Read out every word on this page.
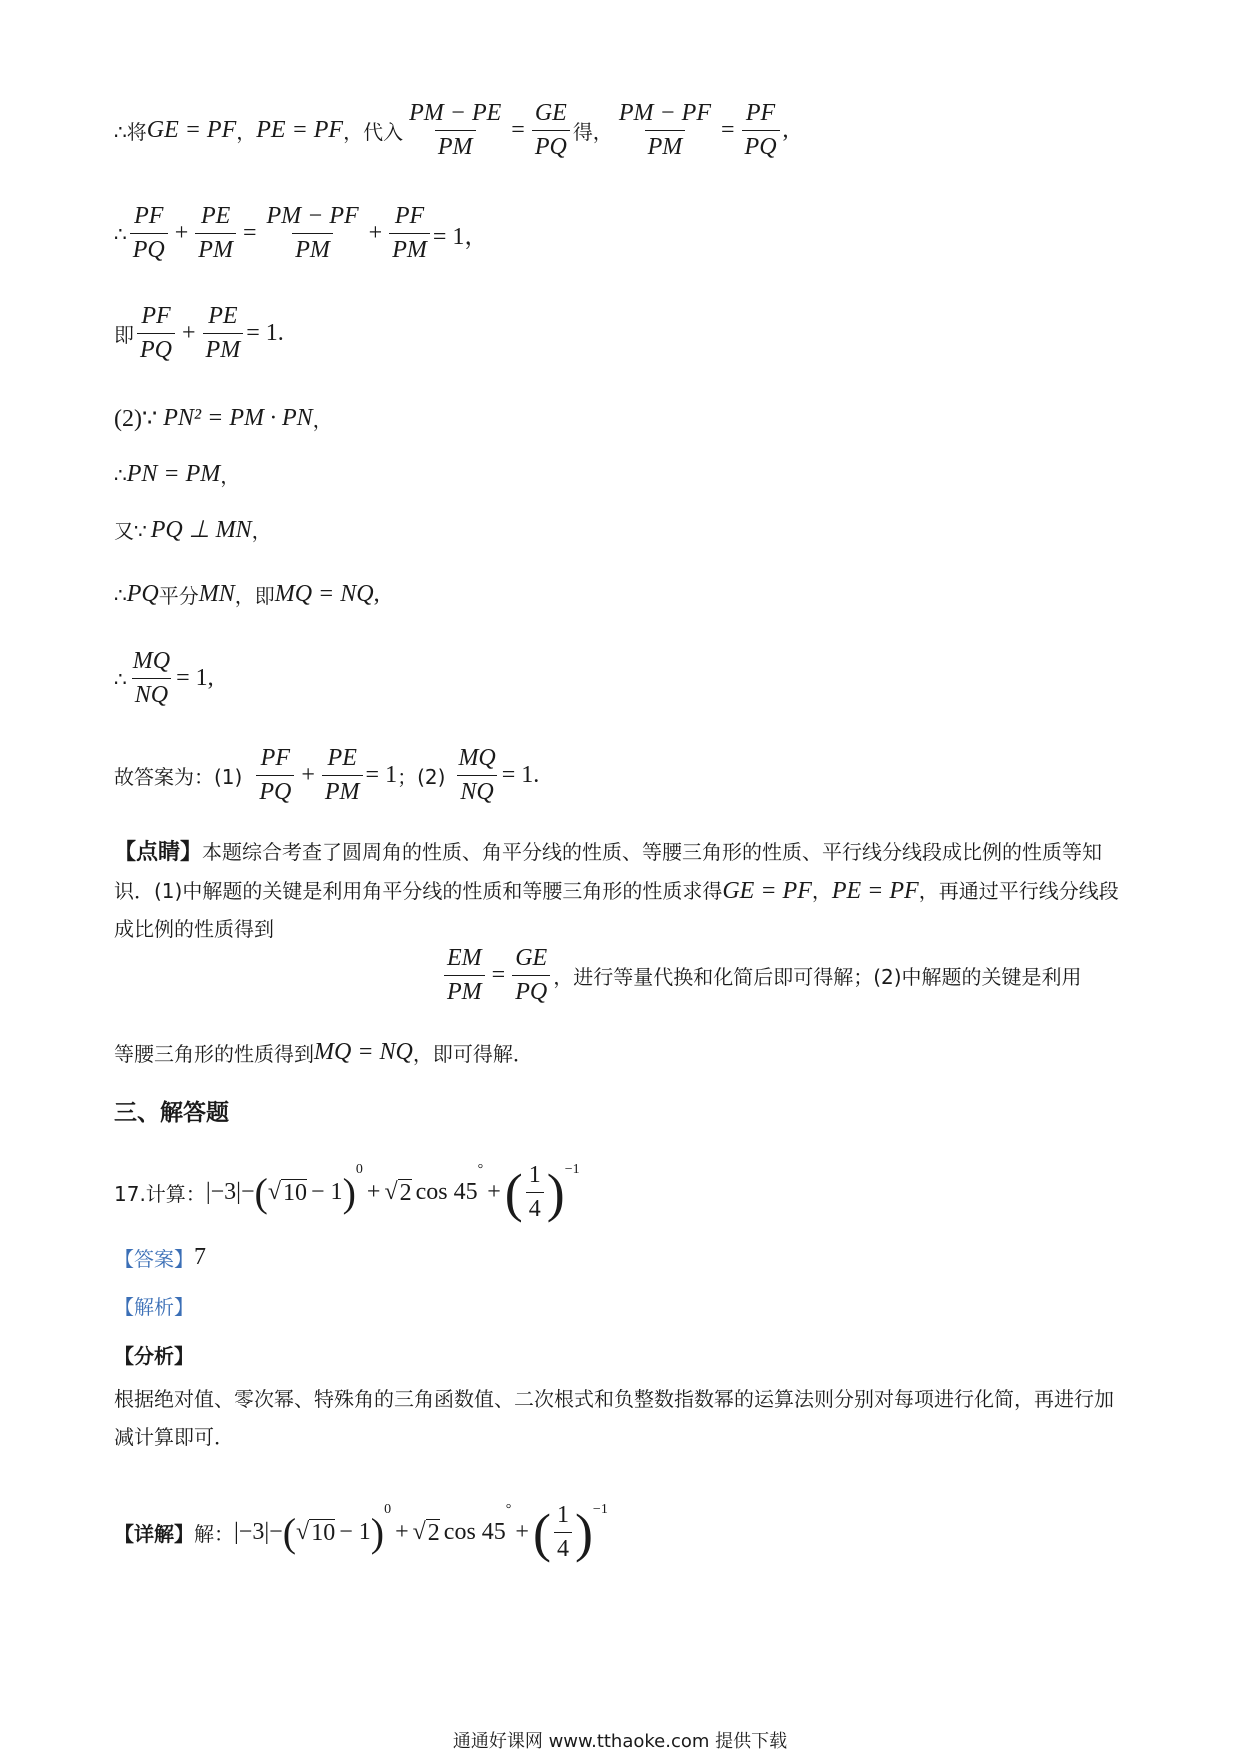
∴将 GE = PF ， PE = PF ，代入 $\frac{PM - PE}{PM} = \frac{GE}{PQ}$ 得， $\frac{PM - PF}{PM} = \frac{PF}{PQ}$ ,
∴ $\frac{PF}{PQ} + \frac{PE}{PM} = \frac{PM - PF}{PM} + \frac{PF}{PM} = 1$，
即 $\frac{PF}{PQ} + \frac{PE}{PM} = 1$.
(2)∵ PN² = PM · PN ，
∴ PN = PM ，
又∵ PQ ⊥ MN ，
∴ PQ 平分 MN ，即 MQ = NQ ,
∴ $\frac{MQ}{NQ} = 1$,
故答案为：$(1) \frac{PF}{PQ} + \frac{PE}{PM} = 1$ ；$(2) \frac{MQ}{NQ} = 1$.
【点睛】本题综合考查了圆周角的性质、角平分线的性质、等腰三角形的性质、平行线分线段成比例的性质等知识．(1)中解题的关键是利用角平分线的性质和等腰三角形的性质求得GE = PF，PE = PF，再通过平行线分线段成比例的性质得到
$\frac{EM}{PM} = \frac{GE}{PQ}$ ，进行等量代换和化简后即可得解；(2)中解题的关键是利用
等腰三角形的性质得到 MQ = NQ ，即可得解．
三、解答题
17.计算： |−3| − ( √ 10 − 1 )$^0$
+ √ 2 cos 45
°
+ ( $\frac{1}{4} )^{-1}$
【答案】 7
【解析】
【分析】
根据绝对值、零次幂、特殊角的三角函数值、二次根式和负整数指数幂的运算法则分别对每项进行化简，再进行加减计算即可．
【详解】 解： |−3| − ( √ 10 − 1 )$^0$
+ √ 2 cos 45
°
+ ( $\frac{1}{4} )^{-1}$
通通好课网 www.tthaoke.com 提供下载
